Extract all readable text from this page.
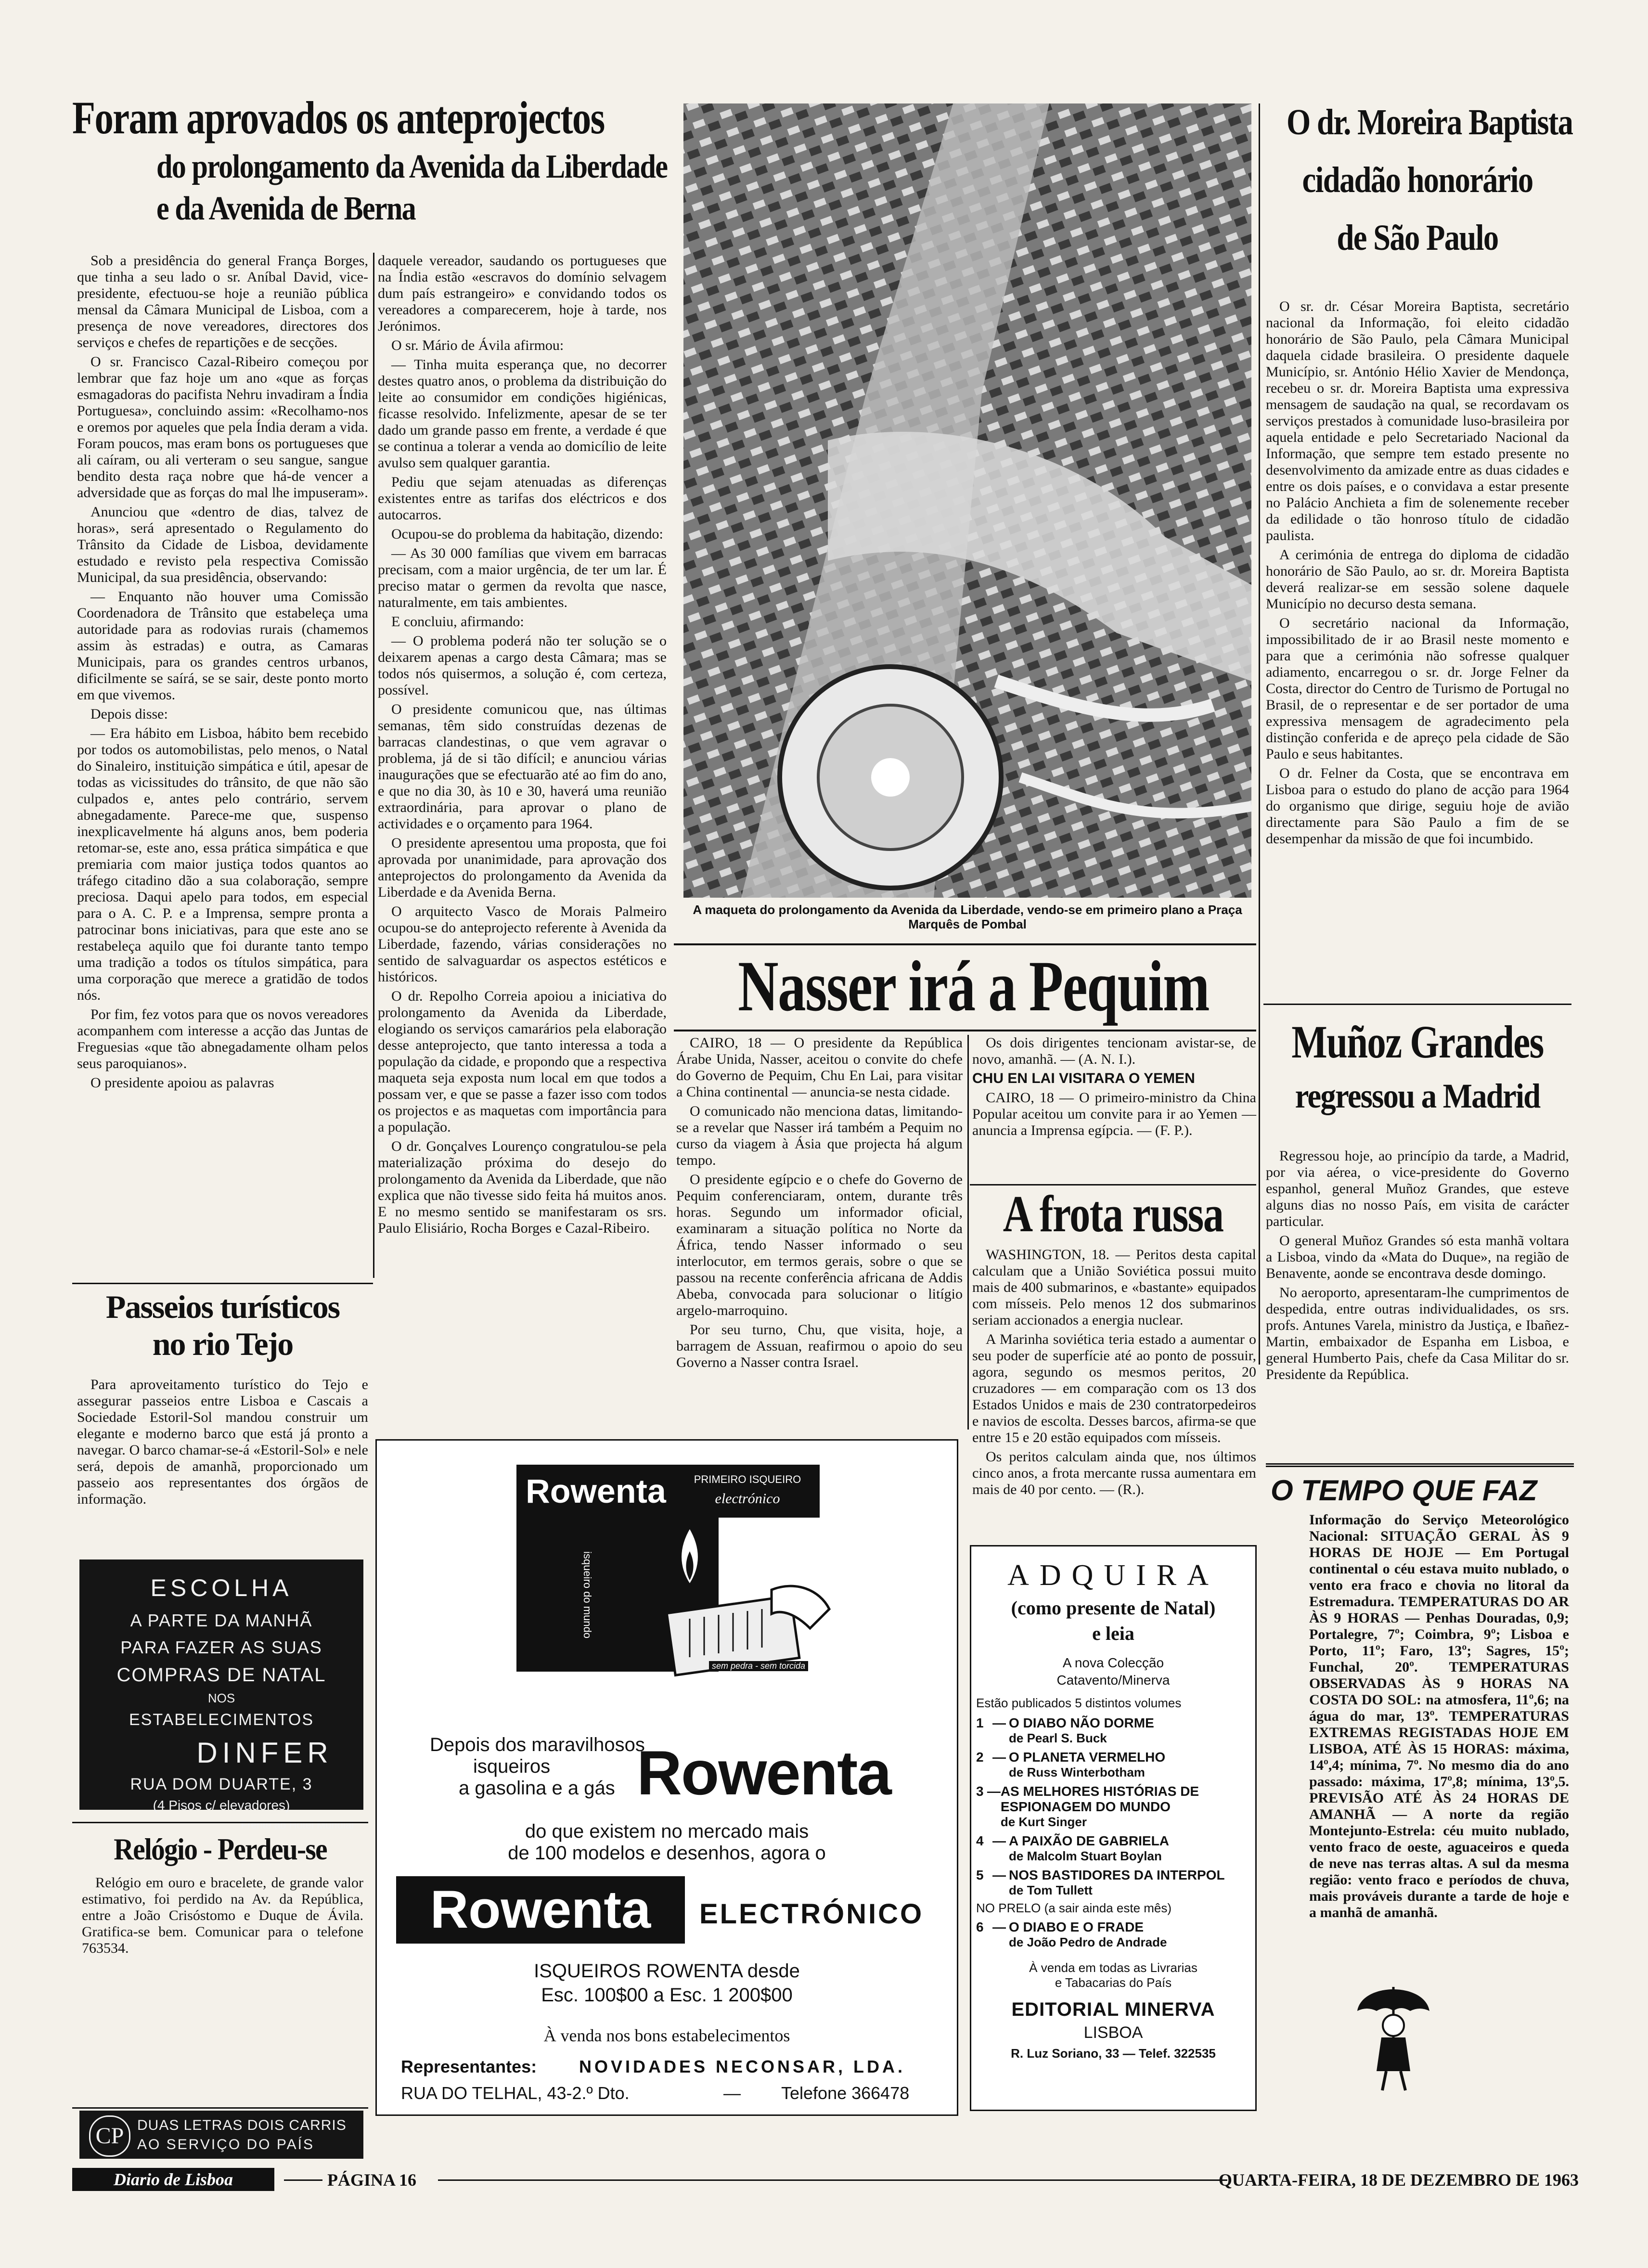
Foram aprovados os anteprojectos
do prolongamento da Avenida da Liberdade
e da Avenida de Berna

Sob a presidência do general França Borges, que tinha a seu lado o sr. Aníbal David, vice-presidente, efectuou-se hoje a reunião pública mensal da Câmara Municipal de Lisboa, com a presença de nove vereadores, directores dos serviços e chefes de repartições e de secções.

O sr. Francisco Cazal-Ribeiro começou por lembrar que faz hoje um ano «que as forças esmagadoras do pacifista Nehru invadiram a Índia Portuguesa», concluindo assim: «Recolhamo-nos e oremos por aqueles que pela Índia deram a vida. Foram poucos, mas eram bons os portugueses que ali caíram, ou ali verteram o seu sangue, sangue bendito desta raça nobre que há-de vencer a adversidade que as forças do mal lhe impuseram».

Anunciou que «dentro de dias, talvez de horas», será apresentado o Regulamento do Trânsito da Cidade de Lisboa, devidamente estudado e revisto pela respectiva Comissão Municipal, da sua presidência, observando:

— Enquanto não houver uma Comissão Coordenadora de Trânsito que estabeleça uma autoridade para as rodovias rurais (chamemos assim às estradas) e outra, as Camaras Municipais, para os grandes centros urbanos, dificilmente se saírá, se se sair, deste ponto morto em que vivemos.

Depois disse:

— Era hábito em Lisboa, hábito bem recebido por todos os automobilistas, pelo menos, o Natal do Sinaleiro, instituição simpática e útil, apesar de todas as vicissitudes do trânsito, de que não são culpados e, antes pelo contrário, servem abnegadamente. Parece-me que, suspenso inexplicavelmente há alguns anos, bem poderia retomar-se, este ano, essa prática simpática e que premiaria com maior justiça todos quantos ao tráfego citadino dão a sua colaboração, sempre preciosa. Daqui apelo para todos, em especial para o A. C. P. e a Imprensa, sempre pronta a patrocinar bons iniciativas, para que este ano se restabeleça aquilo que foi durante tanto tempo uma tradição a todos os títulos simpática, para uma corporação que merece a gratidão de todos nós.

Por fim, fez votos para que os novos vereadores acompanhem com interesse a acção das Juntas de Freguesias «que tão abnegadamente olham pelos seus paroquianos».

O presidente apoiou as palavras

daquele vereador, saudando os portugueses que na Índia estão «escravos do domínio selvagem dum país estrangeiro» e convidando todos os vereadores a comparecerem, hoje à tarde, nos Jerónimos.

O sr. Mário de Ávila afirmou:

— Tinha muita esperança que, no decorrer destes quatro anos, o problema da distribuição do leite ao consumidor em condições higiénicas, ficasse resolvido. Infelizmente, apesar de se ter dado um grande passo em frente, a verdade é que se continua a tolerar a venda ao domicílio de leite avulso sem qualquer garantia.

Pediu que sejam atenuadas as diferenças existentes entre as tarifas dos eléctricos e dos autocarros.

Ocupou-se do problema da habitação, dizendo:

— As 30 000 famílias que vivem em barracas precisam, com a maior urgência, de ter um lar. É preciso matar o germen da revolta que nasce, naturalmente, em tais ambientes.

E concluiu, afirmando:

— O problema poderá não ter solução se o deixarem apenas a cargo desta Câmara; mas se todos nós quisermos, a solução é, com certeza, possível.

O presidente comunicou que, nas últimas semanas, têm sido construídas dezenas de barracas clandestinas, o que vem agravar o problema, já de si tão difícil; e anunciou várias inaugurações que se efectuarão até ao fim do ano, e que no dia 30, às 10 e 30, haverá uma reunião extraordinária, para aprovar o plano de actividades e o orçamento para 1964.

O presidente apresentou uma proposta, que foi aprovada por unanimidade, para aprovação dos anteprojectos do prolongamento da Avenida da Liberdade e da Avenida Berna.

O arquitecto Vasco de Morais Palmeiro ocupou-se do anteprojecto referente à Avenida da Liberdade, fazendo, várias considerações no sentido de salvaguardar os aspectos estéticos e históricos.

O dr. Repolho Correia apoiou a iniciativa do prolongamento da Avenida da Liberdade, elogiando os serviços camarários pela elaboração desse anteprojecto, que tanto interessa a toda a população da cidade, e propondo que a respectiva maqueta seja exposta num local em que todos a possam ver, e que se passe a fazer isso com todos os projectos e as maquetas com importância para a população.

O dr. Gonçalves Lourenço congratulou-se pela materialização próxima do desejo do prolongamento da Avenida da Liberdade, que não explica que não tivesse sido feita há muitos anos. E no mesmo sentido se manifestaram os srs. Paulo Elisiário, Rocha Borges e Cazal-Ribeiro.

A maqueta do prolongamento da Avenida da Liberdade, vendo-se em primeiro plano a Praça Marquês de Pombal
O dr. Moreira Baptista
cidadão honorário
de São Paulo

O sr. dr. César Moreira Baptista, secretário nacional da Informação, foi eleito cidadão honorário de São Paulo, pela Câmara Municipal daquela cidade brasileira. O presidente daquele Município, sr. António Hélio Xavier de Mendonça, recebeu o sr. dr. Moreira Baptista uma expressiva mensagem de saudação na qual, se recordavam os serviços prestados à comunidade luso-brasileira por aquela entidade e pelo Secretariado Nacional da Informação, que sempre tem estado presente no desenvolvimento da amizade entre as duas cidades e entre os dois países, e o convidava a estar presente no Palácio Anchieta a fim de solenemente receber da edilidade o tão honroso título de cidadão paulista.

A cerimónia de entrega do diploma de cidadão honorário de São Paulo, ao sr. dr. Moreira Baptista deverá realizar-se em sessão solene daquele Município no decurso desta semana.

O secretário nacional da Informação, impossibilitado de ir ao Brasil neste momento e para que a cerimónia não sofresse qualquer adiamento, encarregou o sr. dr. Jorge Felner da Costa, director do Centro de Turismo de Portugal no Brasil, de o representar e de ser portador de uma expressiva mensagem de agradecimento pela distinção conferida e de apreço pela cidade de São Paulo e seus habitantes.

O dr. Felner da Costa, que se encontrava em Lisboa para o estudo do plano de acção para 1964 do organismo que dirige, seguiu hoje de avião directamente para São Paulo a fim de se desempenhar da missão de que foi incumbido.

Nasser irá a Pequim

CAIRO, 18 — O presidente da República Árabe Unida, Nasser, aceitou o convite do chefe do Governo de Pequim, Chu En Lai, para visitar a China continental — anuncia-se nesta cidade.

O comunicado não menciona datas, limitando-se a revelar que Nasser irá também a Pequim no curso da viagem à Ásia que projecta há algum tempo.

O presidente egípcio e o chefe do Governo de Pequim conferenciaram, ontem, durante três horas. Segundo um informador oficial, examinaram a situação política no Norte da África, tendo Nasser informado o seu interlocutor, em termos gerais, sobre o que se passou na recente conferência africana de Addis Abeba, convocada para solucionar o litígio argelo-marroquino.

Por seu turno, Chu, que visita, hoje, a barragem de Assuan, reafirmou o apoio do seu Governo a Nasser contra Israel.

Os dois dirigentes tencionam avistar-se, de novo, amanhã. — (A. N. I.).

CHU EN LAI VISITARA O YEMEN

CAIRO, 18 — O primeiro-ministro da China Popular aceitou um convite para ir ao Yemen — anuncia a Imprensa egípcia. — (F. P.).

A frota russa

WASHINGTON, 18. — Peritos desta capital calculam que a União Soviética possui muito mais de 400 submarinos, e «bastante» equipados com mísseis. Pelo menos 12 dos submarinos seriam accionados a energia nuclear.

A Marinha soviética teria estado a aumentar o seu poder de superfície até ao ponto de possuir, agora, segundo os mesmos peritos, 20 cruzadores — em comparação com os 13 dos Estados Unidos e mais de 230 contratorpedeiros e navios de escolta. Desses barcos, afirma-se que entre 15 e 20 estão equipados com mísseis.

Os peritos calculam ainda que, nos últimos cinco anos, a frota mercante russa aumentara em mais de 40 por cento. — (R.).

Muñoz Grandes
regressou a Madrid

Regressou hoje, ao princípio da tarde, a Madrid, por via aérea, o vice-presidente do Governo espanhol, general Muñoz Grandes, que esteve alguns dias no nosso País, em visita de carácter particular.

O general Muñoz Grandes só esta manhã voltara a Lisboa, vindo da «Mata do Duque», na região de Benavente, aonde se encontrava desde domingo.

No aeroporto, apresentaram-lhe cumprimentos de despedida, entre outras individualidades, os srs. profs. Antunes Varela, ministro da Justiça, e Ibañez-Martin, embaixador de Espanha em Lisboa, e general Humberto Pais, chefe da Casa Militar do sr. Presidente da República.

Passeios turísticos
no rio Tejo

Para aproveitamento turístico do Tejo e assegurar passeios entre Lisboa e Cascais a Sociedade Estoril-Sol mandou construir um elegante e moderno barco que está já pronto a navegar. O barco chamar-se-á «Estoril-Sol» e nele será, depois de amanhã, proporcionado um passeio aos representantes dos órgãos de informação.

ESCOLHA
A PARTE DA MANHÃ
PARA FAZER AS SUAS
COMPRAS DE NATAL
NOS
ESTABELECIMENTOS
DINFER
RUA DOM DUARTE, 3
(4 Pisos c/ elevadores)
Frente ao Hotel Mundial
Relógio - Perdeu-se

Relógio em ouro e bracelete, de grande valor estimativo, foi perdido na Av. da República, entre a João Crisóstomo e Duque de Ávila. Gratifica-se bem. Comunicar para o telefone 763534.

CP DUAS LETRAS DOIS CARRIS
AO SERVIÇO DO PAÍS
Rowenta	PRIMEIRO ISQUEIRO
electrónico
isqueiro do mundo
sem pedra - sem torcida
Depois dos maravilhosos
isqueiros
a gasolina e a gás Rowenta
do que existem no mercado mais
de 100 modelos e desenhos, agora o
Rowenta	ELECTRÓNICO
ISQUEIROS ROWENTA desde
Esc. 100$00 a Esc. 1 200$00
À venda nos bons estabelecimentos
Representantes: NOVIDADES NECONSAR, LDA.
RUA DO TELHAL, 43-2.º Dto.	— Telefone 366478
ADQUIRA
(como presente de Natal)
e leia
A nova Colecção
Catavento/Minerva
Estão publicados 5 distintos volumes
1 — O DIABO NÃO DORME
de Pearl S. Buck
2 — O PLANETA VERMELHO
de Russ Winterbotham
3 — AS MELHORES HISTÓRIAS DE ESPIONAGEM DO MUNDO
de Kurt Singer
4 — A PAIXÃO DE GABRIELA
de Malcolm Stuart Boylan
5 — NOS BASTIDORES DA INTERPOL
de Tom Tullett
NO PRELO (a sair ainda este mês)
6 — O DIABO E O FRADE
de João Pedro de Andrade
À venda em todas as Livrarias
e Tabacarias do País
EDITORIAL MINERVA
LISBOA
R. Luz Soriano, 33 — Telef. 322535
O TEMPO QUE FAZ

Informação do Serviço Meteorológico Nacional: SITUAÇÃO GERAL ÀS 9 HORAS DE HOJE — Em Portugal continental o céu estava muito nublado, o vento era fraco e chovia no litoral da Estremadura. TEMPERATURAS DO AR ÀS 9 HORAS — Penhas Douradas, 0,9; Portalegre, 7º; Coimbra, 9º; Lisboa e Porto, 11º; Faro, 13º; Sagres, 15º; Funchal, 20º. TEMPERATURAS OBSERVADAS ÀS 9 HORAS NA COSTA DO SOL: na atmosfera, 11º,6; na água do mar, 13º. TEMPERATURAS EXTREMAS REGISTADAS HOJE EM LISBOA, ATÉ ÀS 15 HORAS: máxima, 14º,4; mínima, 7º. No mesmo dia do ano passado: máxima, 17º,8; mínima, 13º,5. PREVISÃO ATÉ ÀS 24 HORAS DE AMANHÃ — A norte da região Montejunto-Estrela: céu muito nublado, vento fraco de oeste, aguaceiros e queda de neve nas terras altas. A sul da mesma região: vento fraco e períodos de chuva, mais prováveis durante a tarde de hoje e a manhã de amanhã.

Diario de Lisboa	PÁGINA 16	QUARTA-FEIRA, 18 DE DEZEMBRO DE 1963
